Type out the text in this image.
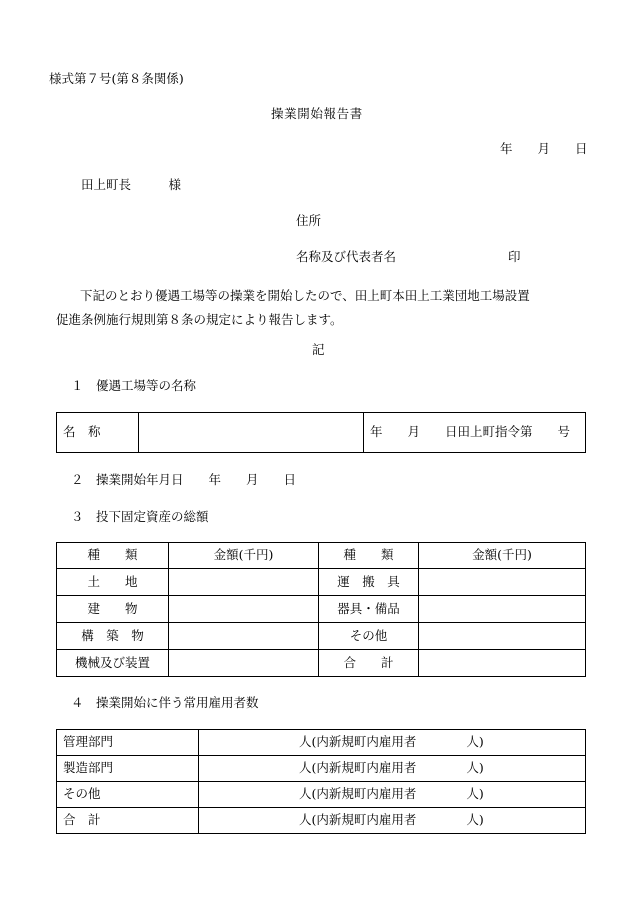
様式第７号(第８条関係)
操業開始報告書
年　　月　　日
田上町長　　　様
住所
名称及び代表者名	印
下記のとおり優遇工場等の操業を開始したので、田上町本田上工業団地工場設置
促進条例施行規則第８条の規定により報告します。
記
１　優遇工場等の名称
名　称		年　　月　　日田上町指令第　　号
２　操業開始年月日　　年　　月　　日
３　投下固定資産の総額
種　　類	金額(千円)	種　　類	金額(千円)
土　　地		運　搬　具	
建　　物		器具・備品	
構　築　物		その他	
機械及び装置		合　　計	
４　操業開始に伴う常用雇用者数
管理部門	人(内新規町内雇用者　　　　人)
製造部門	人(内新規町内雇用者　　　　人)
その他	人(内新規町内雇用者　　　　人)
合　計	人(内新規町内雇用者　　　　人)
